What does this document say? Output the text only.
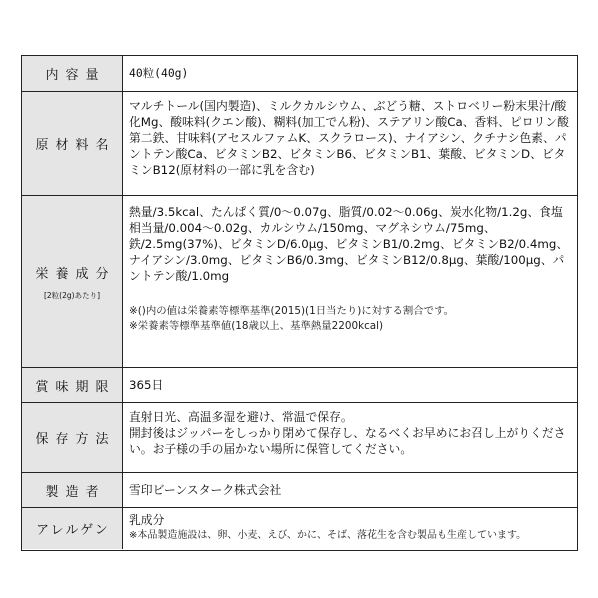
内容量 40粒(40g)

原材料名

マルチトール(国内製造)、ミルクカルシウム、ぶどう糖、ストロベリー粉末果汁/酸化Mg、酸味料(クエン酸)、糊料(加工でん粉)、ステアリン酸Ca、香料、ピロリン酸第二鉄、甘味料(アセスルファムK、スクラロース)、ナイアシン、クチナシ色素、パントテン酸Ca、ビタミンB2、ビタミンB6、ビタミンB1、葉酸、ビタミンD、ビタミンB12(原材料の一部に乳を含む)

栄養成分
[2粒(2g)あたり]

熱量/3.5kcal、たんぱく質/0〜0.07g、脂質/0.02〜0.06g、炭水化物/1.2g、食塩相当量/0.004〜0.02g、カルシウム/150mg、マグネシウム/75mg、鉄/2.5mg(37%)、ビタミンD/6.0μg、ビタミンB1/0.2mg、ビタミンB2/0.4mg、ナイアシン/3.0mg、ビタミンB6/0.3mg、ビタミンB12/0.8μg、葉酸/100μg、パントテン酸/1.0mg

※()内の値は栄養素等標準基準(2015)(1日当たり)に対する割合です。

※栄養素等標準基準値(18歳以上、基準熱量2200kcal)

賞味期限 365日

保存方法

直射日光、高温多湿を避け、常温で保存。

開封後はジッパーをしっかり閉めて保存し、なるべくお早めにお召し上がりください。お子様の手の届かない場所に保管してください。

製造者 雪印ビーンスターク株式会社

アレルゲン

乳成分

※本品製造施設は、卵、小麦、えび、かに、そば、落花生を含む製品も生産しています。
